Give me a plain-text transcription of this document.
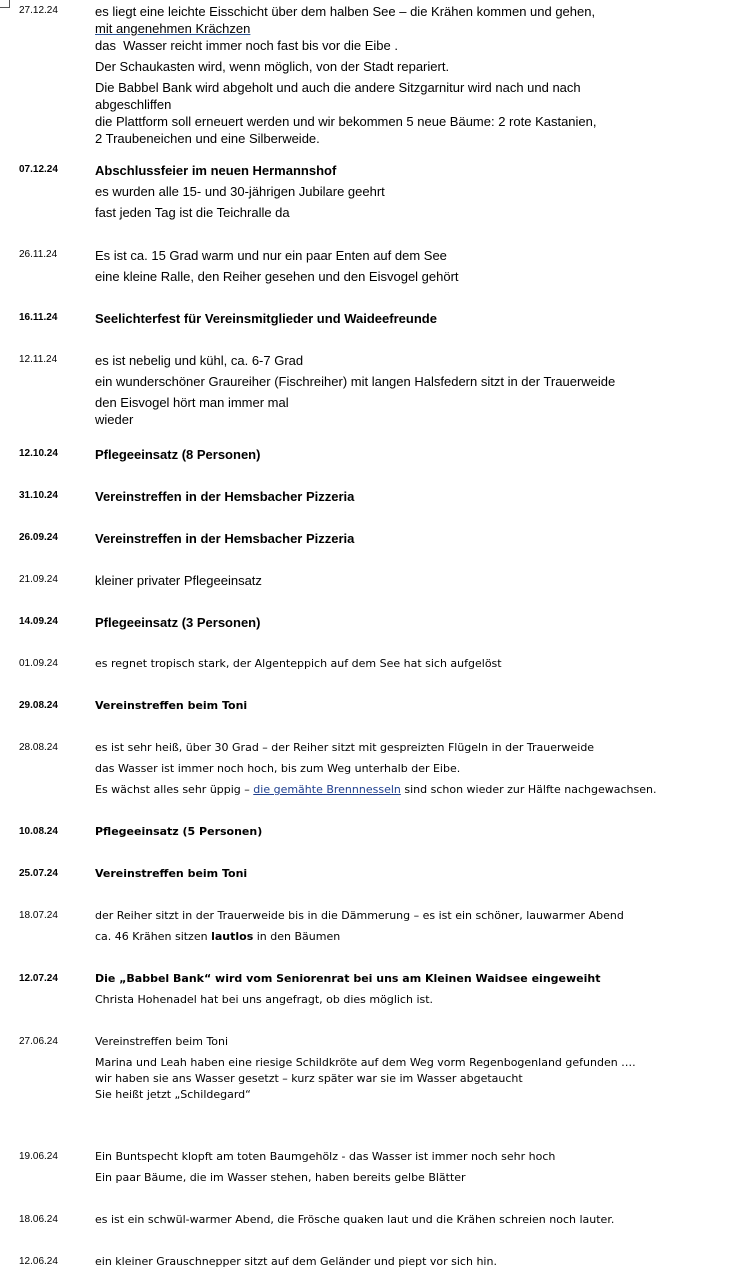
27.12.24	es liegt eine leichte Eisschicht über dem halben See – die Krähen kommen und gehen,
mit angenehmen Krächzen
das  Wasser reicht immer noch fast bis vor die Eibe .
Der Schaukasten wird, wenn möglich, von der Stadt repariert.
Die Babbel Bank wird abgeholt und auch die andere Sitzgarnitur wird nach und nach
abgeschliffen
die Plattform soll erneuert werden und wir bekommen 5 neue Bäume: 2 rote Kastanien,
2 Traubeneichen und eine Silberweide.
07.12.24	Abschlussfeier im neuen Hermannshof
es wurden alle 15- und 30-jährigen Jubilare geehrt
fast jeden Tag ist die Teichralle da
26.11.24	Es ist ca. 15 Grad warm und nur ein paar Enten auf dem See
eine kleine Ralle, den Reiher gesehen und den Eisvogel gehört
16.11.24	Seelichterfest für Vereinsmitglieder und Waideefreunde
12.11.24	es ist nebelig und kühl, ca. 6-7 Grad
ein wunderschöner Graureiher (Fischreiher) mit langen Halsfedern sitzt in der Trauerweide
den Eisvogel hört man immer mal
wieder
12.10.24	Pflegeeinsatz (8 Personen)
31.10.24	Vereinstreffen in der Hemsbacher Pizzeria
26.09.24	Vereinstreffen in der Hemsbacher Pizzeria
21.09.24	kleiner privater Pflegeeinsatz
14.09.24	Pflegeeinsatz (3 Personen)
01.09.24	es regnet tropisch stark, der Algenteppich auf dem See hat sich aufgelöst
29.08.24	Vereinstreffen beim Toni
28.08.24	es ist sehr heiß, über 30 Grad – der Reiher sitzt mit gespreizten Flügeln in der Trauerweide
das Wasser ist immer noch hoch, bis zum Weg unterhalb der Eibe.
Es wächst alles sehr üppig – die gemähte Brennnesseln sind schon wieder zur Hälfte nachgewachsen.
10.08.24	Pflegeeinsatz (5 Personen)
25.07.24	Vereinstreffen beim Toni
18.07.24	der Reiher sitzt in der Trauerweide bis in die Dämmerung – es ist ein schöner, lauwarmer Abend
ca. 46 Krähen sitzen lautlos in den Bäumen
12.07.24	Die „Babbel Bank“ wird vom Seniorenrat bei uns am Kleinen Waidsee eingeweiht
Christa Hohenadel hat bei uns angefragt, ob dies möglich ist.
27.06.24	Vereinstreffen beim Toni
Marina und Leah haben eine riesige Schildkröte auf dem Weg vorm Regenbogenland gefunden ….
wir haben sie ans Wasser gesetzt – kurz später war sie im Wasser abgetaucht
Sie heißt jetzt „Schildegard“
19.06.24	Ein Buntspecht klopft am toten Baumgehölz - das Wasser ist immer noch sehr hoch
Ein paar Bäume, die im Wasser stehen, haben bereits gelbe Blätter
18.06.24	es ist ein schwül-warmer Abend, die Frösche quaken laut und die Krähen schreien noch lauter.
12.06.24	ein kleiner Grauschnepper sitzt auf dem Geländer und piept vor sich hin.
